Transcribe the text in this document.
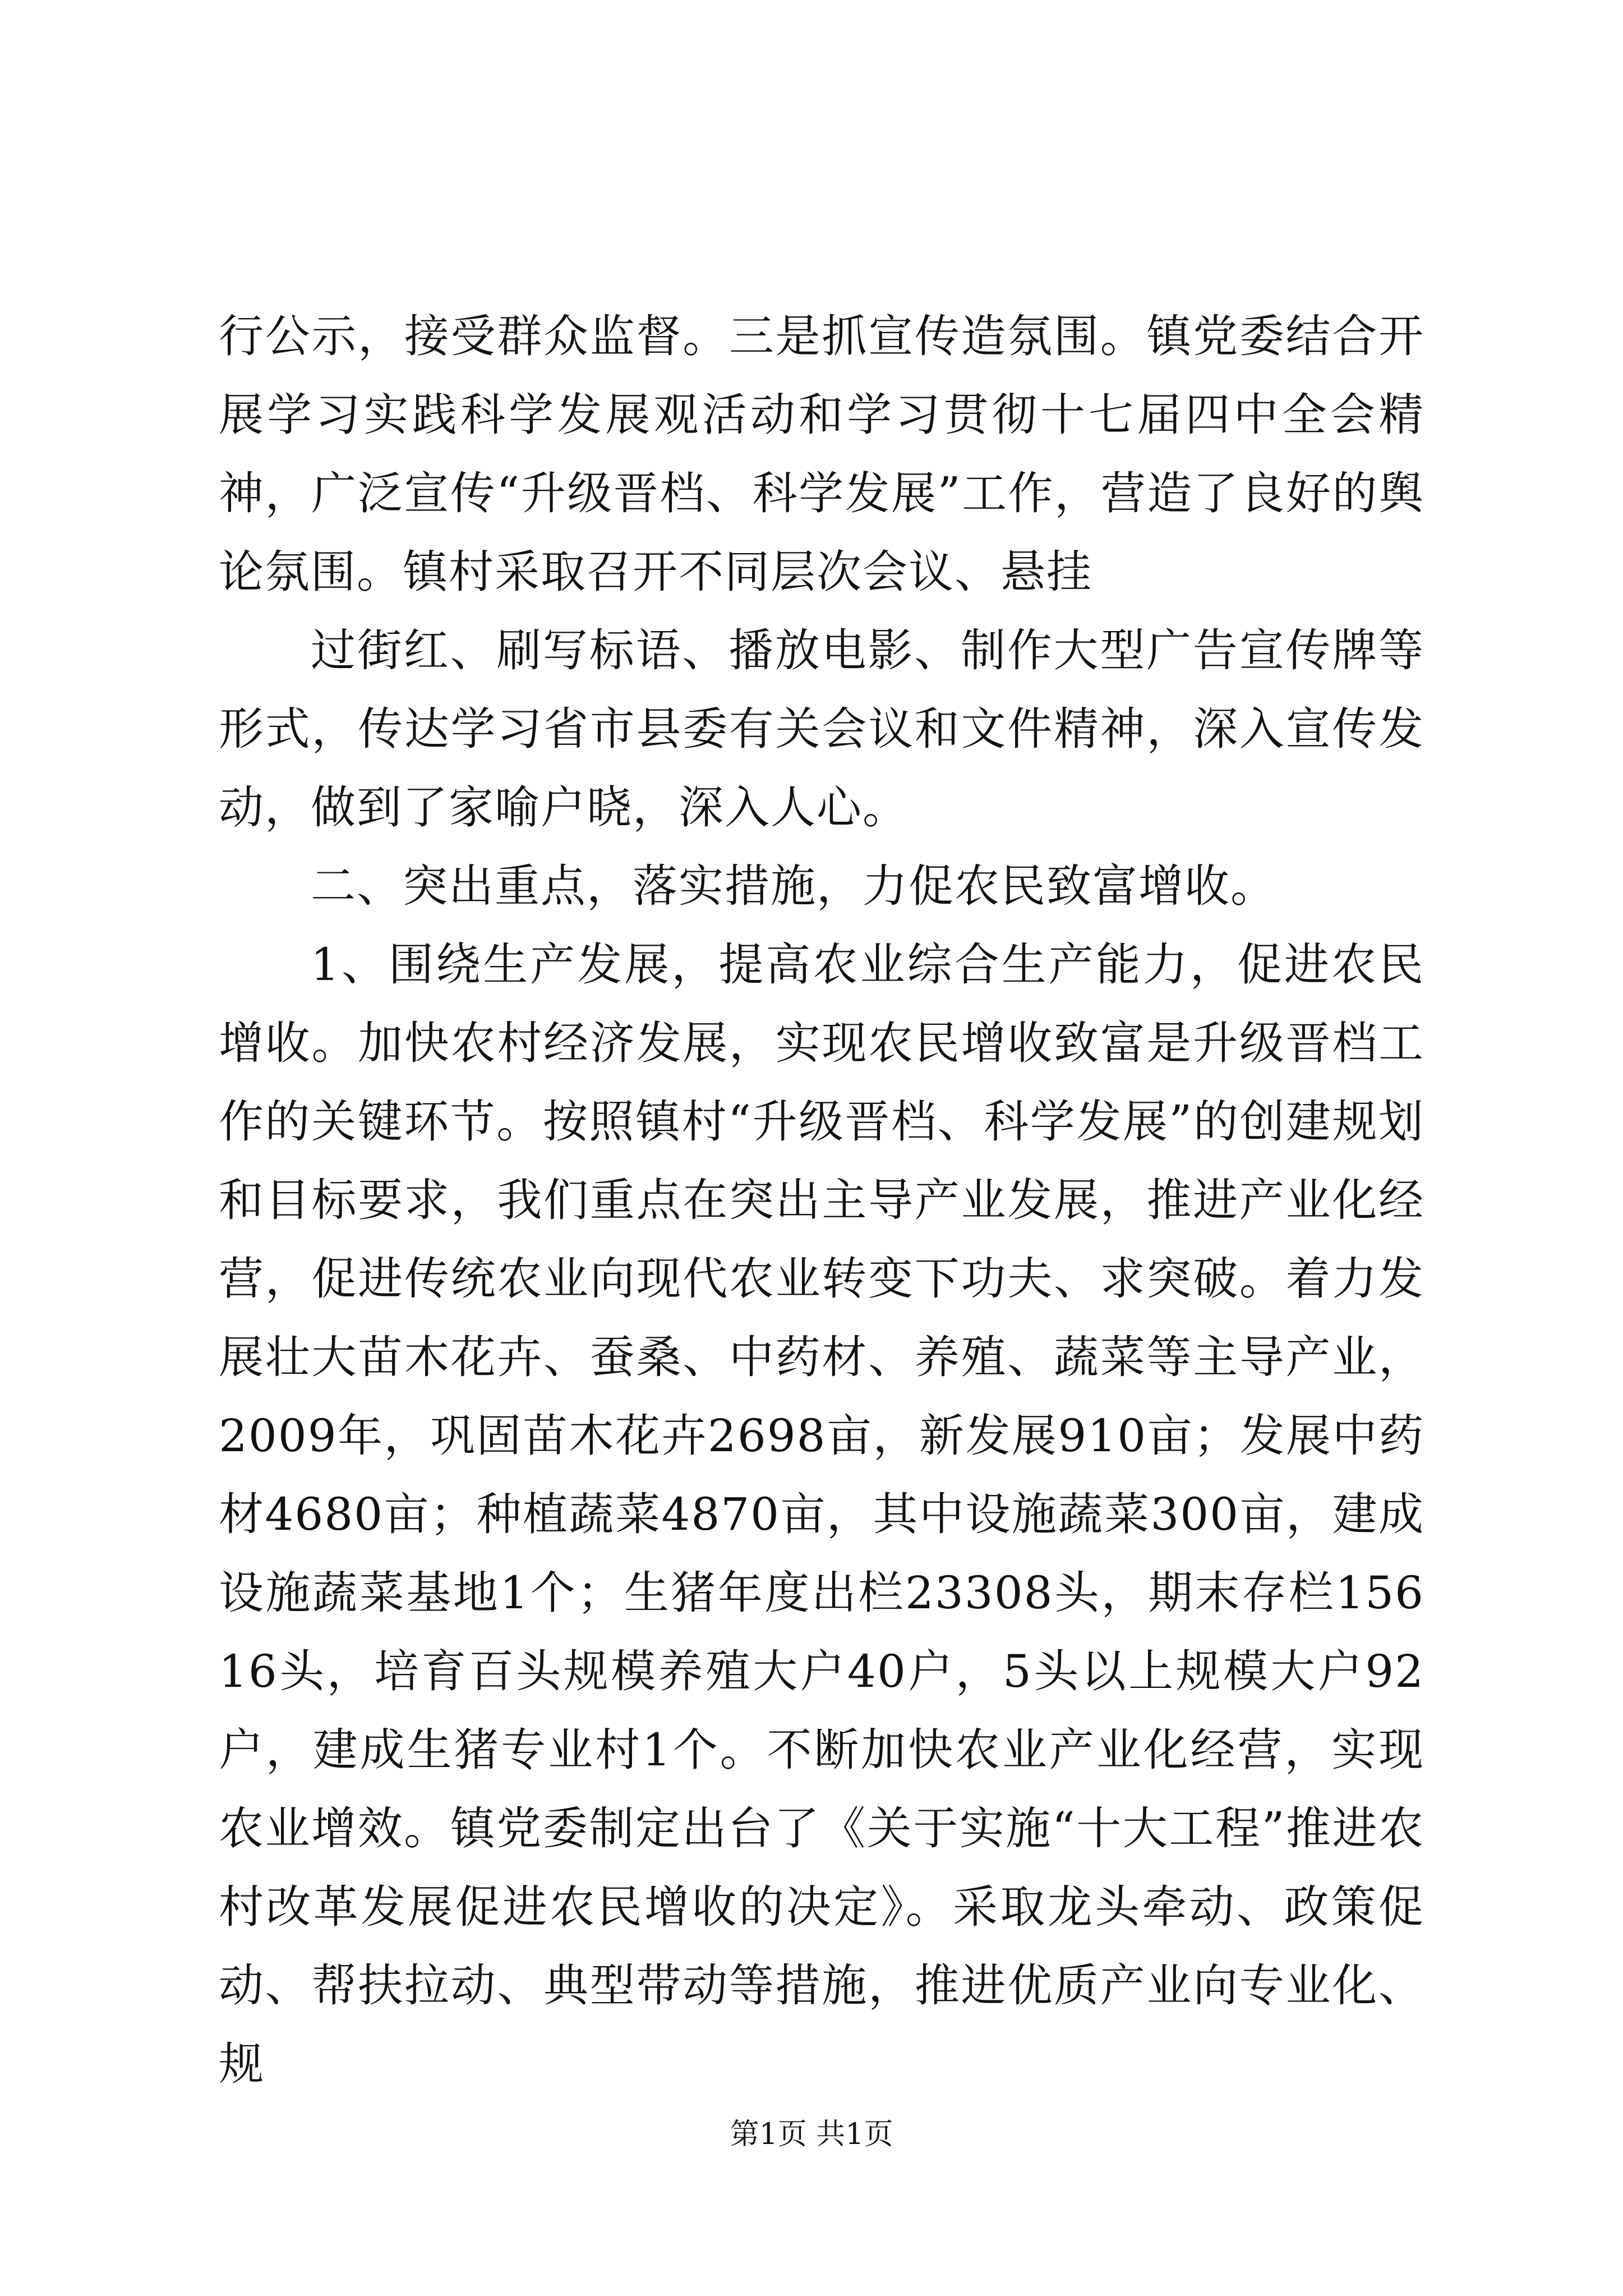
行公示，接受群众监督。三是抓宣传造氛围。镇党委结合开展学习实践科学发展观活动和学习贯彻十七届四中全会精神，广泛宣传“升级晋档、科学发展”工作，营造了良好的舆论氛围。镇村采取召开不同层次会议、悬挂

过街红、刷写标语、播放电影、制作大型广告宣传牌等形式，传达学习省市县委有关会议和文件精神，深入宣传发动，做到了家喻户晓，深入人心。

二、突出重点，落实措施，力促农民致富增收。

1、围绕生产发展，提高农业综合生产能力，促进农民增收。加快农村经济发展，实现农民增收致富是升级晋档工作的关键环节。按照镇村“升级晋档、科学发展”的创建规划和目标要求，我们重点在突出主导产业发展，推进产业化经营，促进传统农业向现代农业转变下功夫、求突破。着力发展壮大苗木花卉、蚕桑、中药材、养殖、蔬菜等主导产业，2009年，巩固苗木花卉2698亩，新发展910亩；发展中药材4680亩；种植蔬菜4870亩，其中设施蔬菜300亩，建成设施蔬菜基地1个；生猪年度出栏23308头，期末存栏15616头，培育百头规模养殖大户40户，5头以上规模大户92户，建成生猪专业村1个。不断加快农业产业化经营，实现农业增效。镇党委制定出台了《关于实施“十大工程”推进农村改革发展促进农民增收的决定》。采取龙头牵动、政策促动、帮扶拉动、典型带动等措施，推进优质产业向专业化、规

第1页 共1页
